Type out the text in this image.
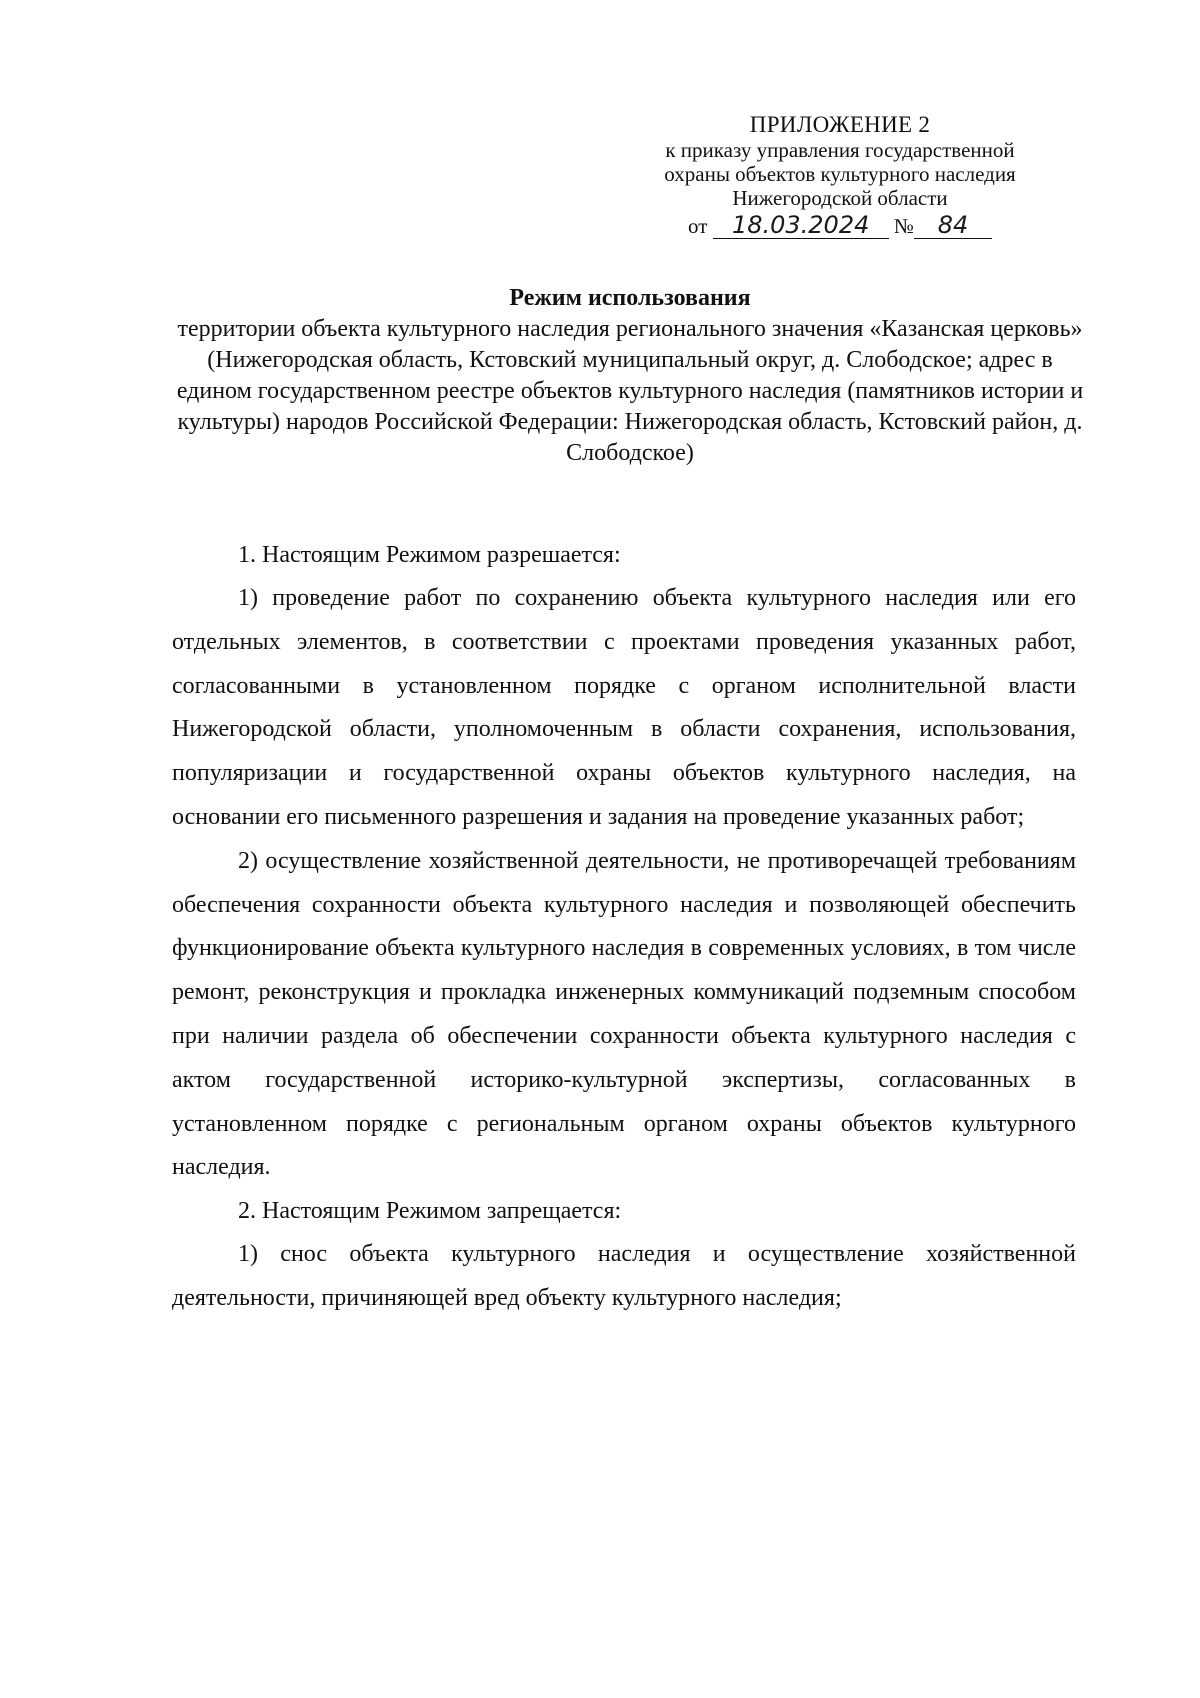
ПРИЛОЖЕНИЕ 2
к приказу управления государственной
охраны объектов культурного наследия
Нижегородской области
от 18.03.2024 № 84
Режим использования
территории объекта культурного наследия регионального значения «Казанская церковь» (Нижегородская область, Кстовский муниципальный округ, д. Слободское; адрес в едином государственном реестре объектов культурного наследия (памятников истории и культуры) народов Российской Федерации: Нижегородская область, Кстовский район, д. Слободское)

1. Настоящим Режимом разрешается:

1) проведение работ по сохранению объекта культурного наследия или его отдельных элементов, в соответствии с проектами проведения указанных работ, согласованными в установленном порядке с органом исполнительной власти Нижегородской области, уполномоченным в области сохранения, использования, популяризации и государственной охраны объектов культурного наследия, на основании его письменного разрешения и задания на проведение указанных работ;

2) осуществление хозяйственной деятельности, не противоречащей требованиям обеспечения сохранности объекта культурного наследия и позволяющей обеспечить функционирование объекта культурного наследия в современных условиях, в том числе ремонт, реконструкция и прокладка инженерных коммуникаций подземным способом при наличии раздела об обеспечении сохранности объекта культурного наследия с актом государственной историко-культурной экспертизы, согласованных в установленном порядке с региональным органом охраны объектов культурного наследия.

2. Настоящим Режимом запрещается:

1) снос объекта культурного наследия и осуществление хозяйственной деятельности, причиняющей вред объекту культурного наследия;
